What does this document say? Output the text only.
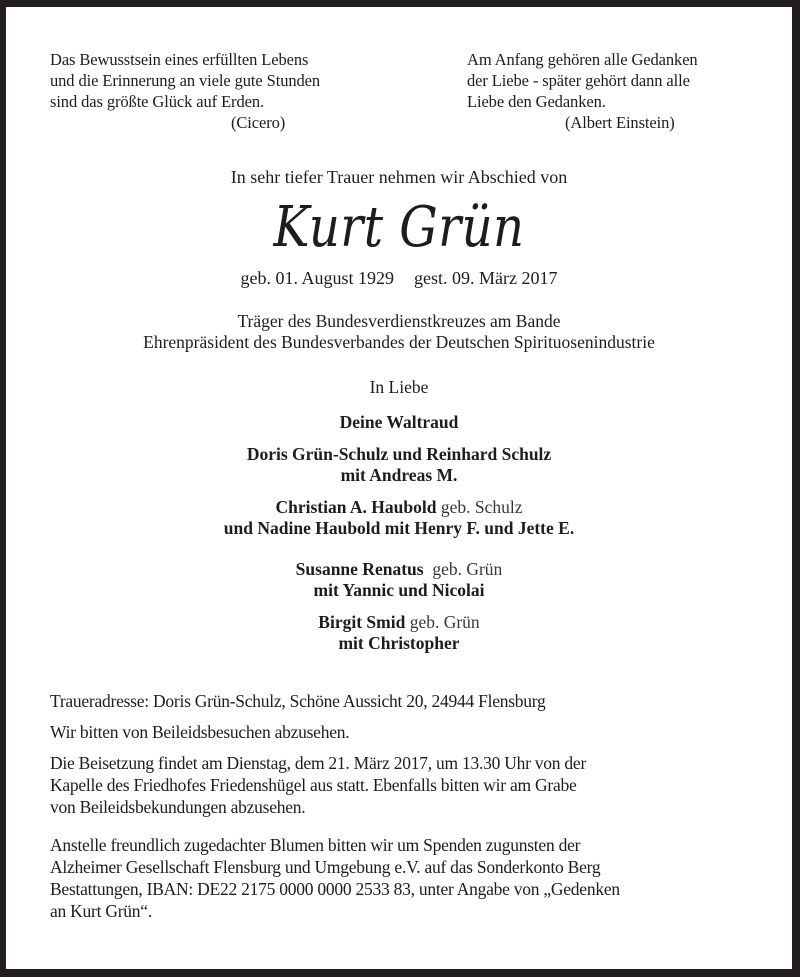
Das Bewusstsein eines erfüllten Lebens
und die Erinnerung an viele gute Stunden
sind das größte Glück auf Erden.
(Cicero)
Am Anfang gehören alle Gedanken
der Liebe - später gehört dann alle
Liebe den Gedanken.
(Albert Einstein)
In sehr tiefer Trauer nehmen wir Abschied von
Kurt Grün
geb. 01. August 1929 gest. 09. März 2017
Träger des Bundesverdienstkreuzes am Bande
Ehrenpräsident des Bundesverbandes der Deutschen Spirituosenindustrie
In Liebe
Deine Waltraud
Doris Grün-Schulz und Reinhard Schulz
mit Andreas M.
Christian A. Haubold geb. Schulz
und Nadine Haubold mit Henry F. und Jette E.
Susanne Renatus  geb. Grün
mit Yannic und Nicolai
Birgit Smid geb. Grün
mit Christopher
Traueradresse: Doris Grün-Schulz, Schöne Aussicht 20, 24944 Flensburg
Wir bitten von Beileidsbesuchen abzusehen.
Die Beisetzung findet am Dienstag, dem 21. März 2017, um 13.30 Uhr von der
Kapelle des Friedhofes Friedenshügel aus statt. Ebenfalls bitten wir am Grabe
von Beileidsbekundungen abzusehen.
Anstelle freundlich zugedachter Blumen bitten wir um Spenden zugunsten der
Alzheimer Gesellschaft Flensburg und Umgebung e.V. auf das Sonderkonto Berg
Bestattungen, IBAN: DE22 2175 0000 0000 2533 83, unter Angabe von „Gedenken
an Kurt Grün“.
